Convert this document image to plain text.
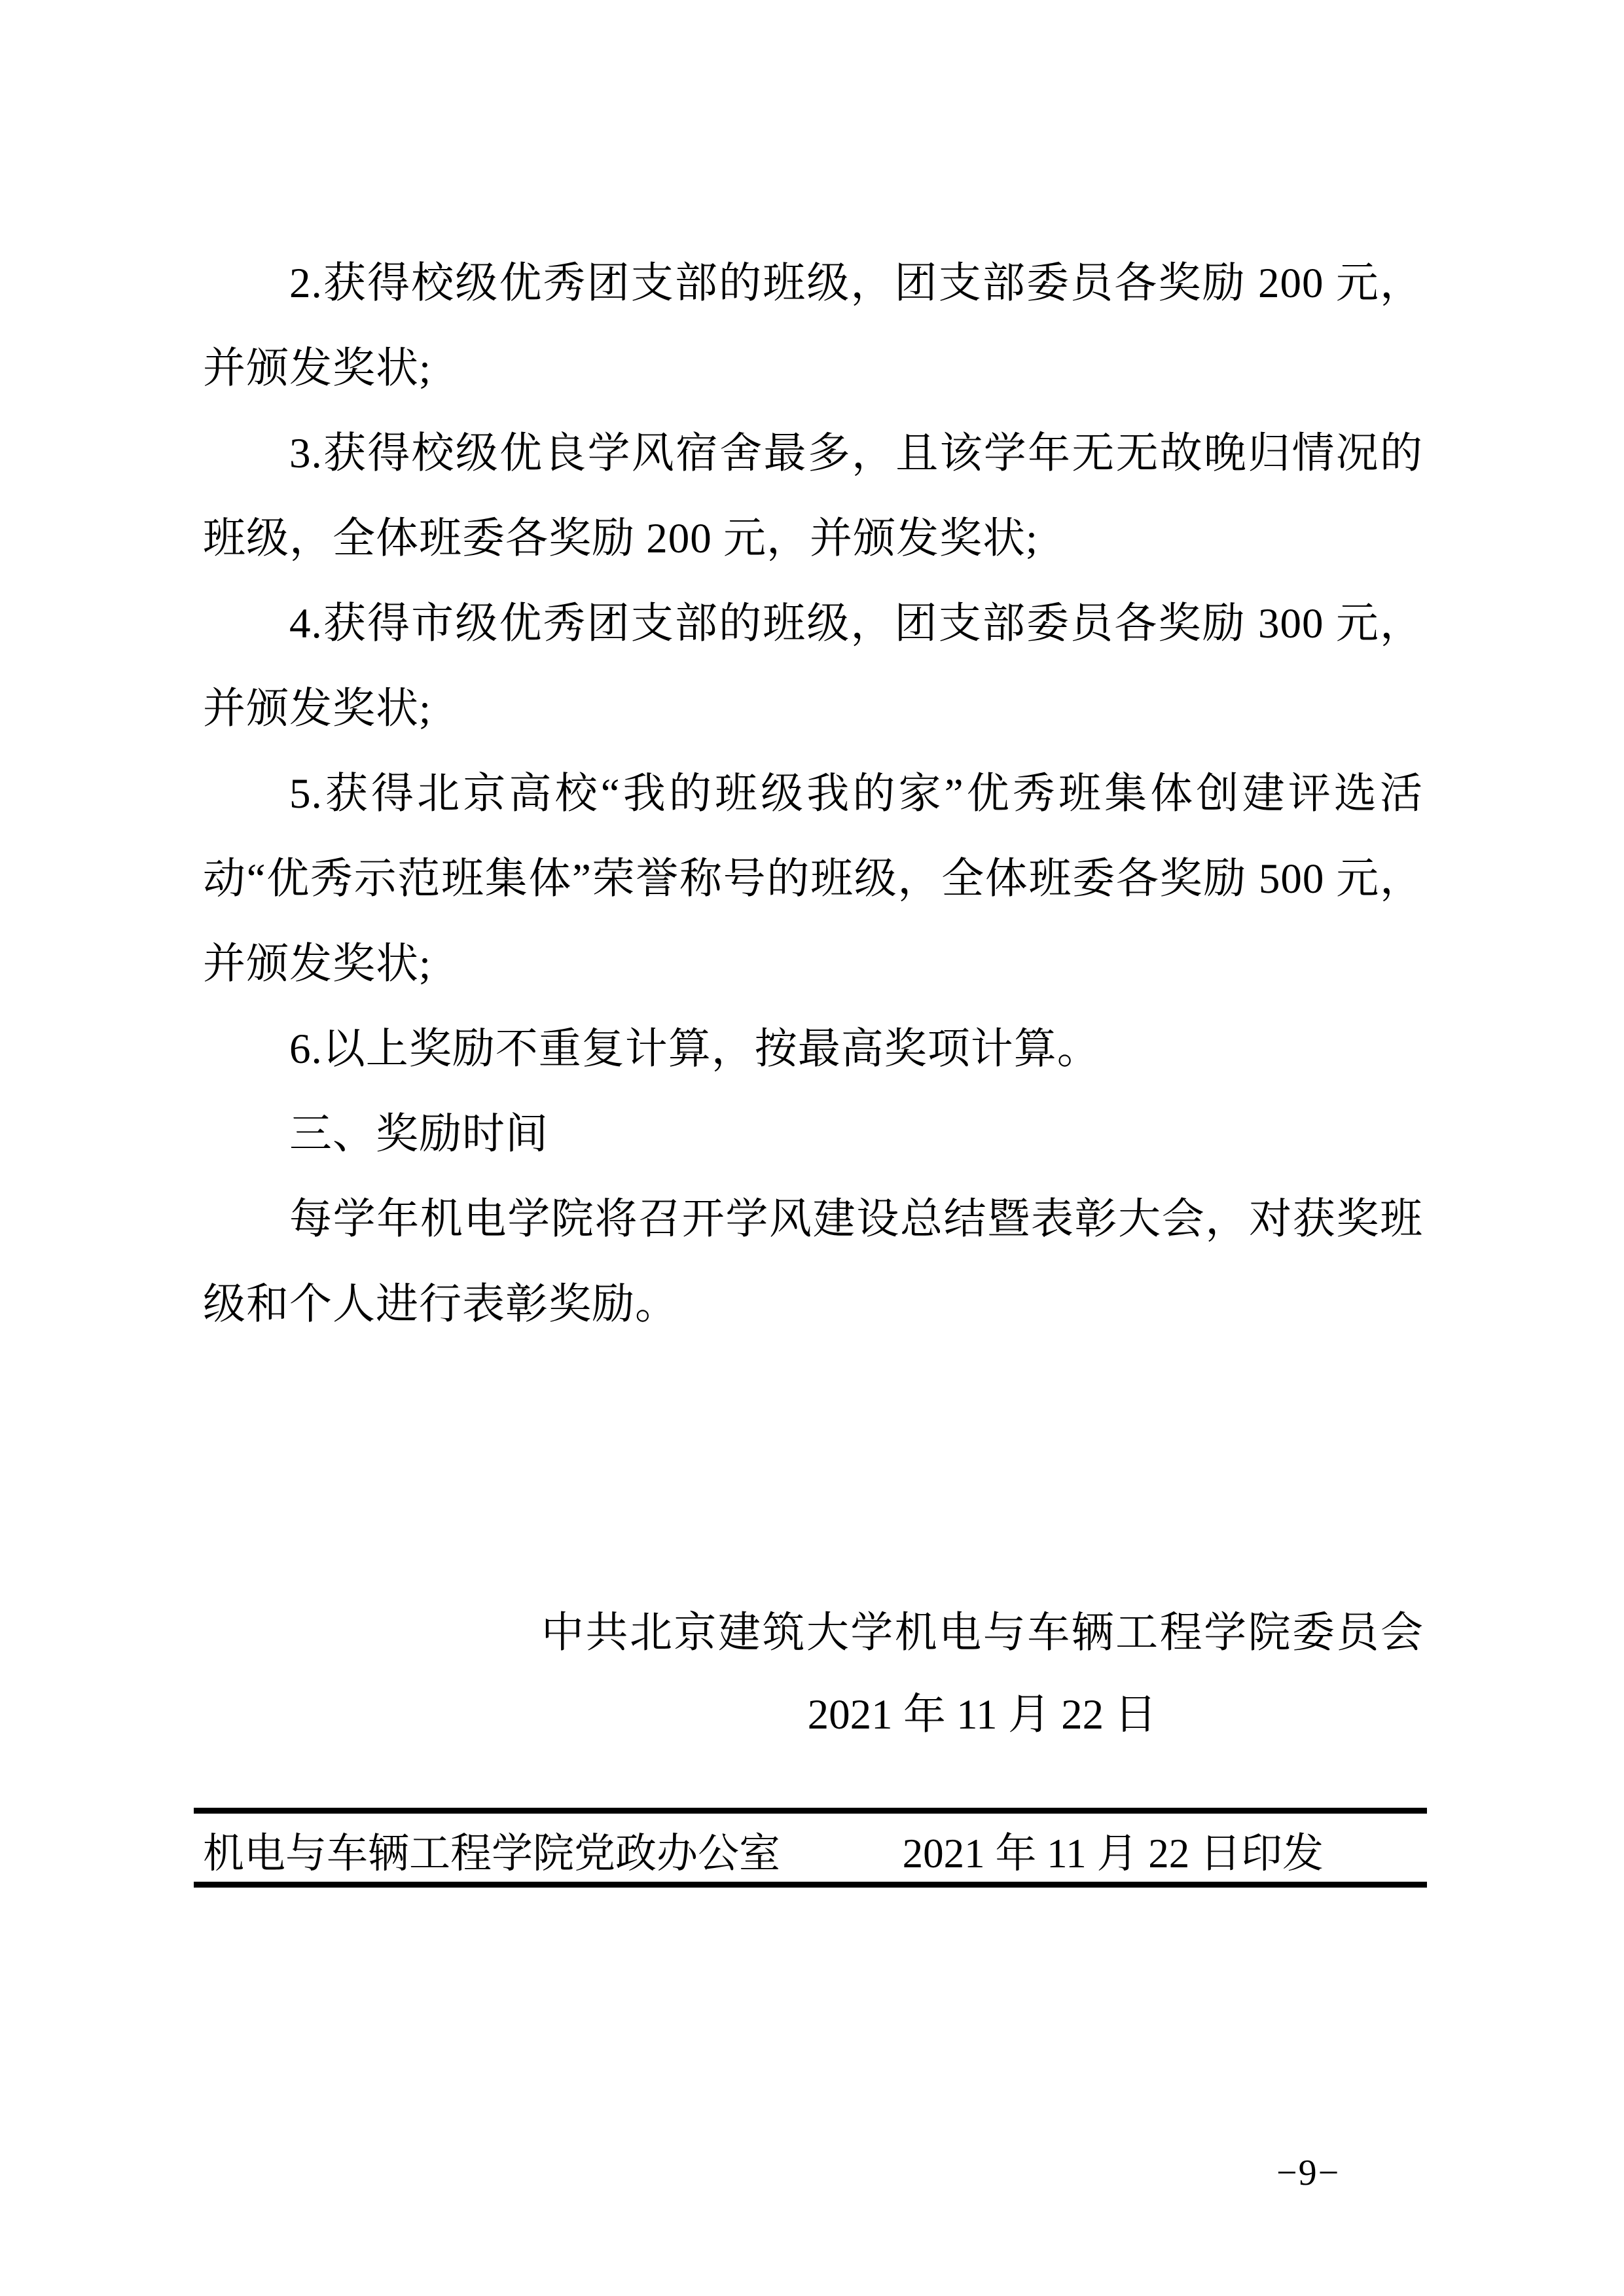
2.获得校级优秀团支部的班级，团支部委员各奖励 200 元，
并颁发奖状;
3.获得校级优良学风宿舍最多，且该学年无无故晚归情况的
班级，全体班委各奖励 200 元，并颁发奖状;
4.获得市级优秀团支部的班级，团支部委员各奖励 300 元，
并颁发奖状;
5.获得北京高校“我的班级我的家”优秀班集体创建评选活
动“优秀示范班集体”荣誉称号的班级，全体班委各奖励 500 元，
并颁发奖状;
6.以上奖励不重复计算，按最高奖项计算。
三、奖励时间
每学年机电学院将召开学风建设总结暨表彰大会，对获奖班
级和个人进行表彰奖励。
中共北京建筑大学机电与车辆工程学院委员会
2021 年 11 月 22 日
机电与车辆工程学院党政办公室	2021 年 11 月 22 日印发
−9−
